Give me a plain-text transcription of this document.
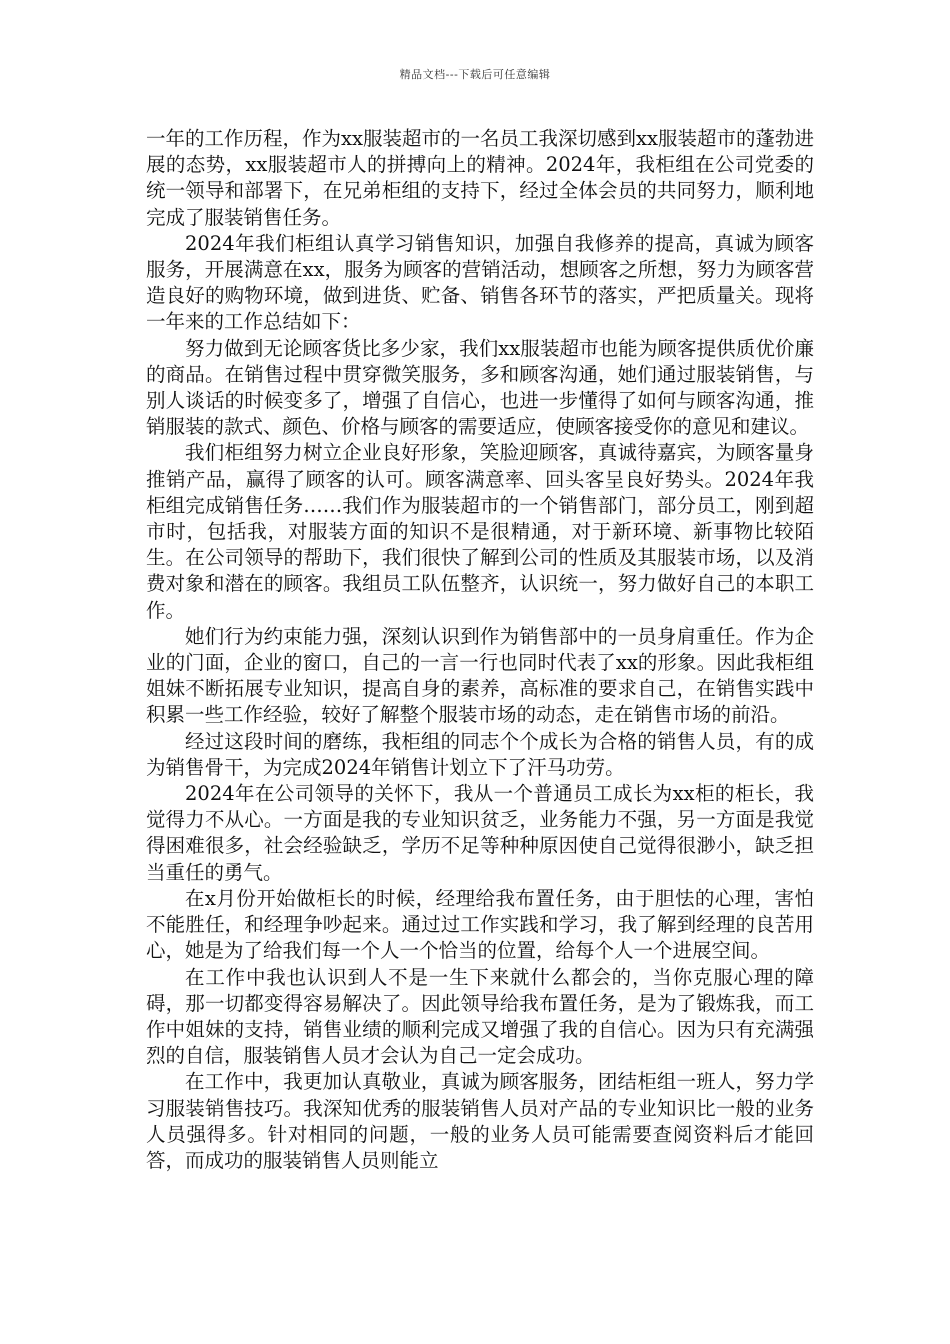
精品文档---下载后可任意编辑

一年的工作历程，作为xx服装超市的一名员工我深切感到xx服装超市的蓬勃进展的态势，xx服装超市人的拼搏向上的精神。2024年，我柜组在公司党委的统一领导和部署下，在兄弟柜组的支持下，经过全体会员的共同努力，顺利地完成了服装销售任务。

2024年我们柜组认真学习销售知识，加强自我修养的提高，真诚为顾客服务，开展满意在xx，服务为顾客的营销活动，想顾客之所想，努力为顾客营造良好的购物环境，做到进货、贮备、销售各环节的落实，严把质量关。现将一年来的工作总结如下：

努力做到无论顾客货比多少家，我们xx服装超市也能为顾客提供质优价廉的商品。在销售过程中贯穿微笑服务，多和顾客沟通，她们通过服装销售，与别人谈话的时候变多了，增强了自信心，也进一步懂得了如何与顾客沟通，推销服装的款式、颜色、价格与顾客的需要适应，使顾客接受你的意见和建议。

我们柜组努力树立企业良好形象，笑脸迎顾客，真诚待嘉宾，为顾客量身推销产品，赢得了顾客的认可。顾客满意率、回头客呈良好势头。2024年我柜组完成销售任务……我们作为服装超市的一个销售部门，部分员工，刚到超市时，包括我，对服装方面的知识不是很精通，对于新环境、新事物比较陌生。在公司领导的帮助下，我们很快了解到公司的性质及其服装市场，以及消费对象和潜在的顾客。我组员工队伍整齐，认识统一，努力做好自己的本职工作。

她们行为约束能力强，深刻认识到作为销售部中的一员身肩重任。作为企业的门面，企业的窗口，自己的一言一行也同时代表了xx的形象。因此我柜组姐妹不断拓展专业知识，提高自身的素养，高标准的要求自己，在销售实践中积累一些工作经验，较好了解整个服装市场的动态，走在销售市场的前沿。

经过这段时间的磨练，我柜组的同志个个成长为合格的销售人员，有的成为销售骨干，为完成2024年销售计划立下了汗马功劳。

2024年在公司领导的关怀下，我从一个普通员工成长为xx柜的柜长，我觉得力不从心。一方面是我的专业知识贫乏，业务能力不强，另一方面是我觉得困难很多，社会经验缺乏，学历不足等种种原因使自己觉得很渺小，缺乏担当重任的勇气。

在x月份开始做柜长的时候，经理给我布置任务，由于胆怯的心理，害怕不能胜任，和经理争吵起来。通过过工作实践和学习，我了解到经理的良苦用心，她是为了给我们每一个人一个恰当的位置，给每个人一个进展空间。

在工作中我也认识到人不是一生下来就什么都会的，当你克服心理的障碍，那一切都变得容易解决了。因此领导给我布置任务，是为了锻炼我，而工作中姐妹的支持，销售业绩的顺利完成又增强了我的自信心。因为只有充满强烈的自信，服装销售人员才会认为自己一定会成功。

在工作中，我更加认真敬业，真诚为顾客服务，团结柜组一班人，努力学习服装销售技巧。我深知优秀的服装销售人员对产品的专业知识比一般的业务人员强得多。针对相同的问题，一般的业务人员可能需要查阅资料后才能回答，而成功的服装销售人员则能立
